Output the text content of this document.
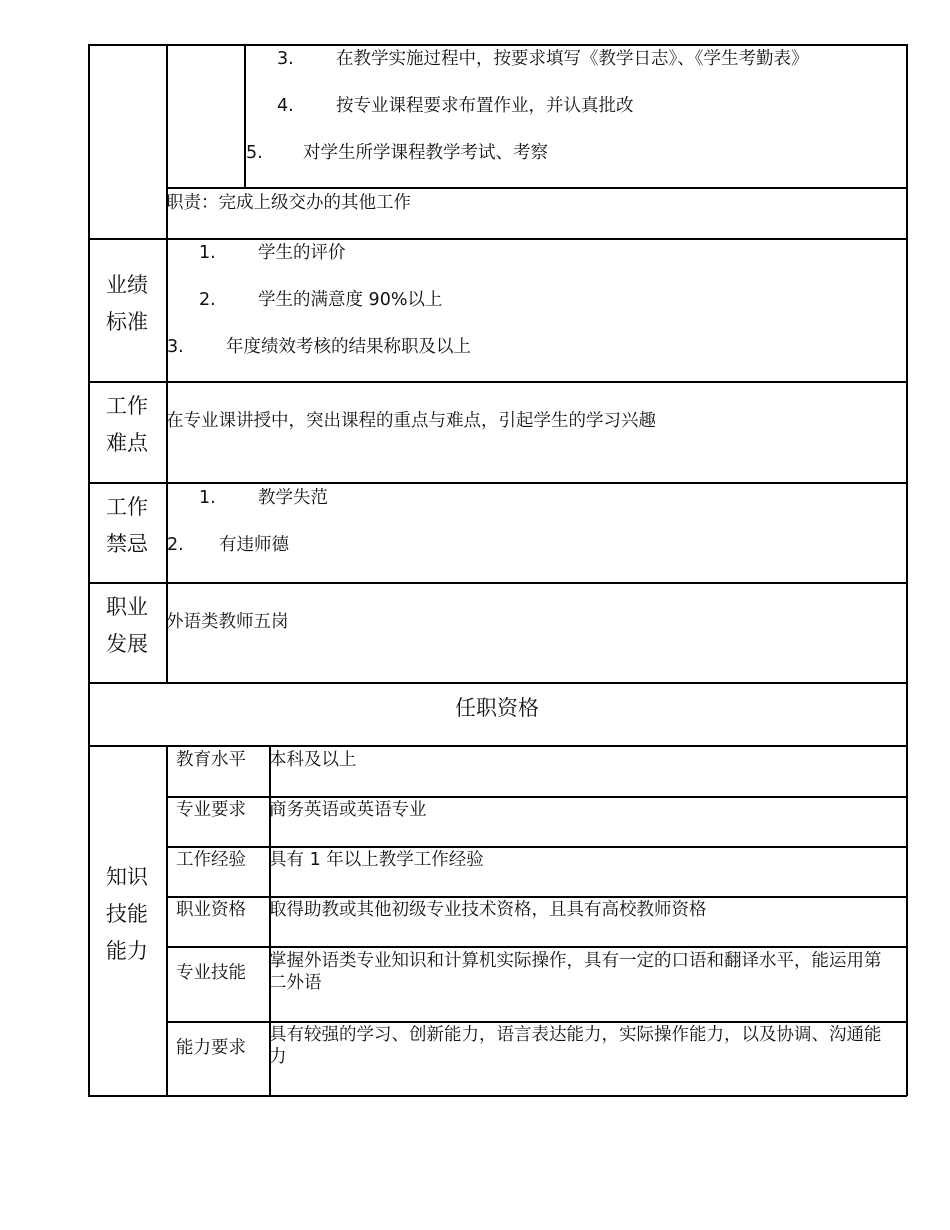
3. 在教学实施过程中，按要求填写《教学日志》、《学生考勤表》
4. 按专业课程要求布置作业，并认真批改
5. 对学生所学课程教学考试、考察
职责：完成上级交办的其他工作
业绩
标准
1. 学生的评价
2. 学生的满意度 90%以上
3. 年度绩效考核的结果称职及以上
工作
难点
在专业课讲授中，突出课程的重点与难点，引起学生的学习兴趣
工作
禁忌
1. 教学失范
2. 有违师德
职业
发展
外语类教师五岗
任职资格
知识
技能
能力
教育水平 本科及以上
专业要求 商务英语或英语专业
工作经验 具有 1 年以上教学工作经验
职业资格 取得助教或其他初级专业技术资格，且具有高校教师资格
专业技能
掌握外语类专业知识和计算机实际操作，具有一定的口语和翻译水平，能运用第二外语
能力要求
具有较强的学习、创新能力，语言表达能力，实际操作能力，以及协调、沟通能力
